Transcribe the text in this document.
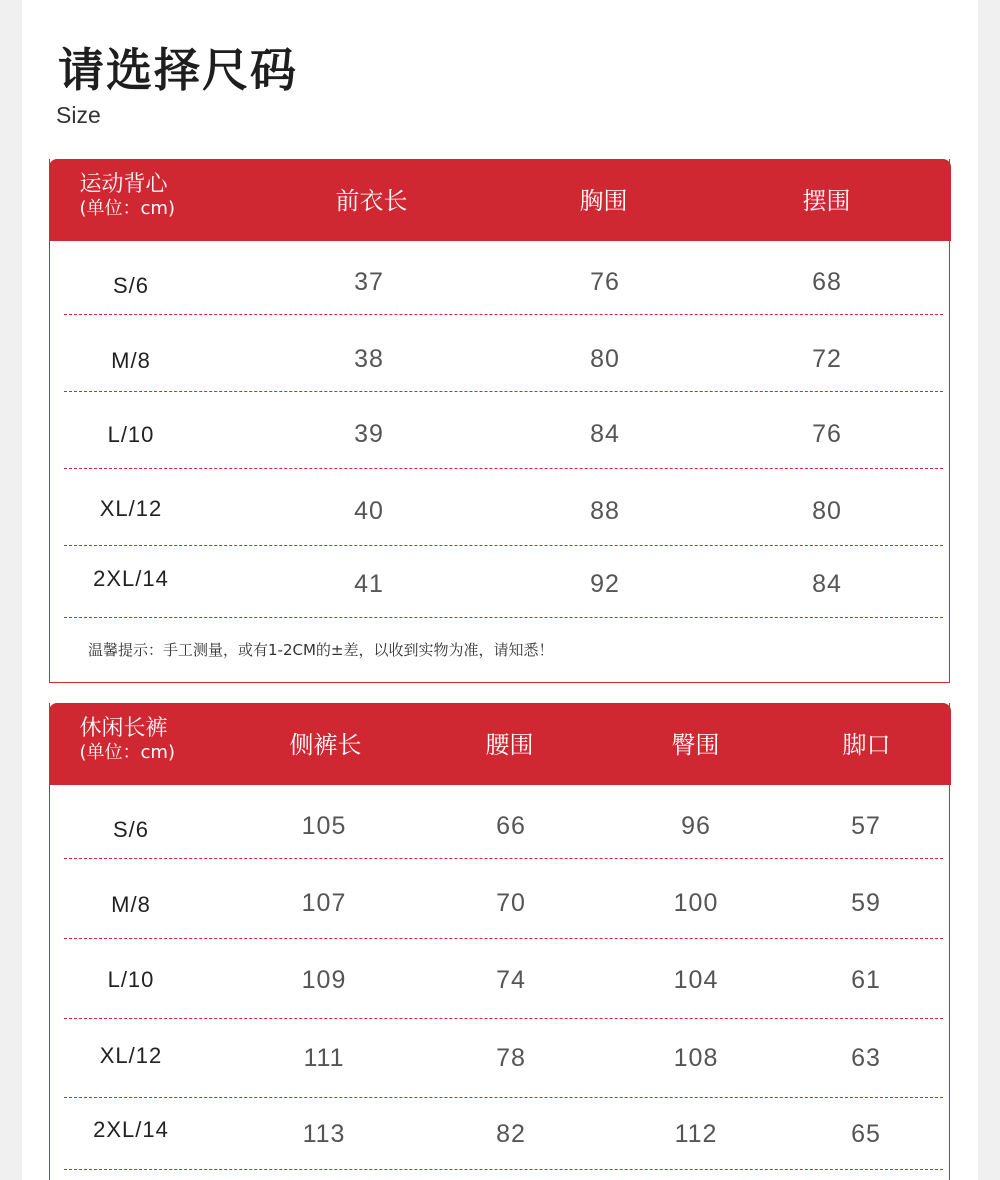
请选择尺码
Size
运动背心
(单位：cm)	前衣长	胸围	摆围
S/6	37	76	68
M/8	38	80	72
L/10	39	84	76
XL/12	40	88	80
2XL/14	41	92	84
温馨提示：手工测量，或有1-2CM的±差，以收到实物为准，请知悉！
休闲长裤
(单位：cm)	侧裤长	腰围	臀围	脚口
S/6	105	66	96	57
M/8	107	70	100	59
L/10	109	74	104	61
XL/12	111	78	108	63
2XL/14	113	82	112	65
